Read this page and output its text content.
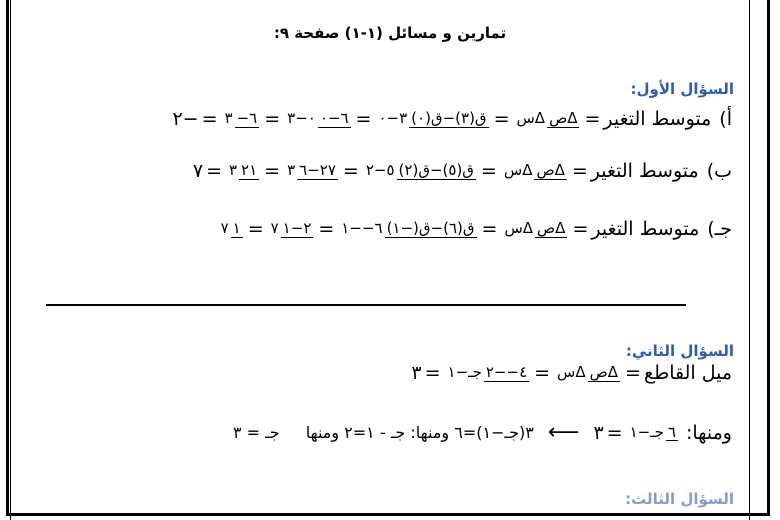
تمارين و مسائل (١-١) صفحة ٩:
السؤال الأول:
أ)
متوسط التغير
=
ΔصΔس
=
ق(٣)−ق(٠)٣−٠
=
٦−٠٠−٣
=
٦−٣
=
−٢
ب)
متوسط التغير
=
ΔصΔس
=
ق(٥)−ق(٢)٥−٢
=
٢٧−٦٣
=
٢١٣
=
٧
جـ)
متوسط التغير
=
ΔصΔس
=
ق(٦)−ق(−١)٦−−١
=
٢−١٧
=
١٧
السؤال الثاني:
ميل القاطع
=
ΔصΔس
=
٤−−٢جـ−١
=
٣
ومنها:
٦جـ−١
=
٣
⟵
٣(جـ−١)=٦ ومنها: جـ - ١=٢ ومنها
جـ = ٣
السؤال الثالث:
